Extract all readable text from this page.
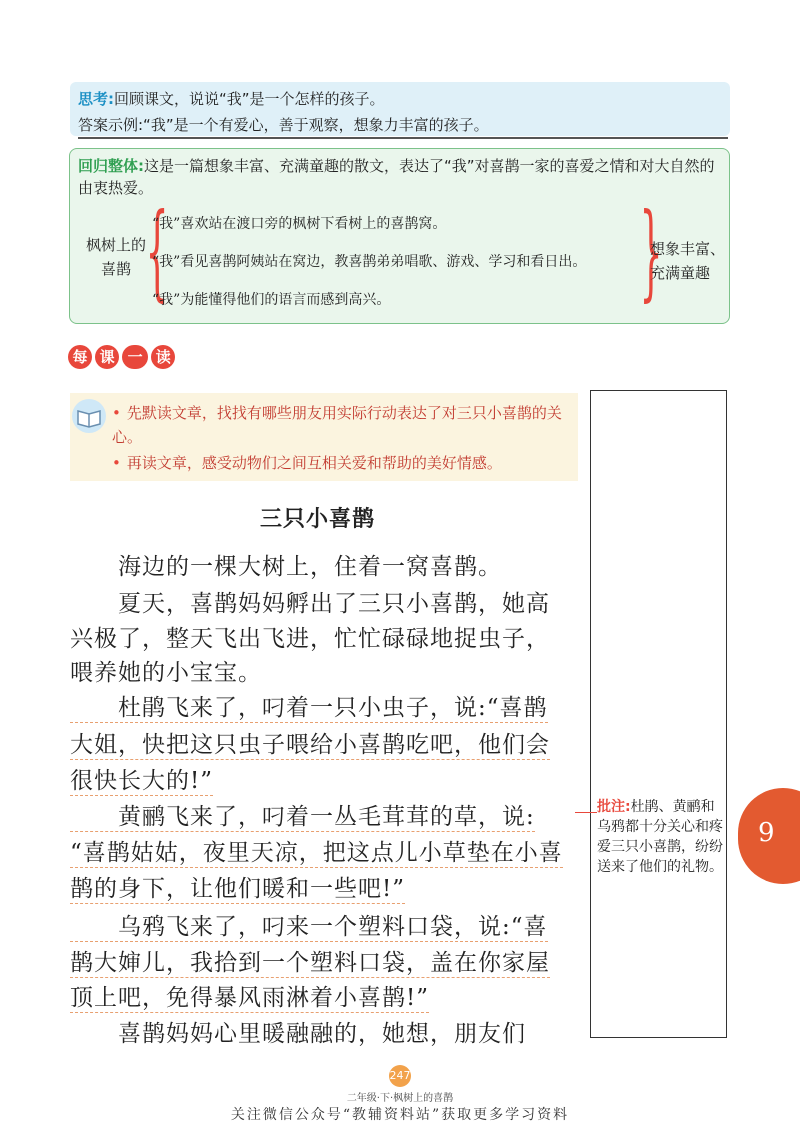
思考:回顾课文，说说“我”是一个怎样的孩子。
答案示例:“我”是一个有爱心，善于观察，想象力丰富的孩子。
回归整体:这是一篇想象丰富、充满童趣的散文，表达了“我”对喜鹊一家的喜爱之情和对大自然的由衷热爱。
枫树上的
喜鹊 {
“我”喜欢站在渡口旁的枫树下看树上的喜鹊窝。
“我”看见喜鹊阿姨站在窝边，教喜鹊弟弟唱歌、游戏、学习和看日出。
“我”为能懂得他们的语言而感到高兴。 }
想象丰富、
充满童趣
每 课 一 读
• 先默读文章，找找有哪些朋友用实际行动表达了对三只小喜鹊的关心。
• 再读文章，感受动物们之间互相关爱和帮助的美好情感。
批注:杜鹃、黄鹂和乌鸦都十分关心和疼爱三只小喜鹊，纷纷送来了他们的礼物。
9
三只小喜鹊
　　海边的一棵大树上，住着一窝喜鹊。
　　夏天，喜鹊妈妈孵出了三只小喜鹊，她高
兴极了，整天飞出飞进，忙忙碌碌地捉虫子，
喂养她的小宝宝。
　　杜鹃飞来了，叼着一只小虫子，说:“喜鹊
大姐，快把这只虫子喂给小喜鹊吃吧，他们会
很快长大的!”
　　黄鹂飞来了，叼着一丛毛茸茸的草，说:
“喜鹊姑姑，夜里天凉，把这点儿小草垫在小喜
鹊的身下，让他们暖和一些吧!”
　　乌鸦飞来了，叼来一个塑料口袋，说:“喜
鹊大婶儿，我拾到一个塑料口袋，盖在你家屋
顶上吧，免得暴风雨淋着小喜鹊!”
　　喜鹊妈妈心里暖融融的，她想，朋友们
247
二年级·下·枫树上的喜鹊
关注微信公众号“教辅资料站”获取更多学习资料
